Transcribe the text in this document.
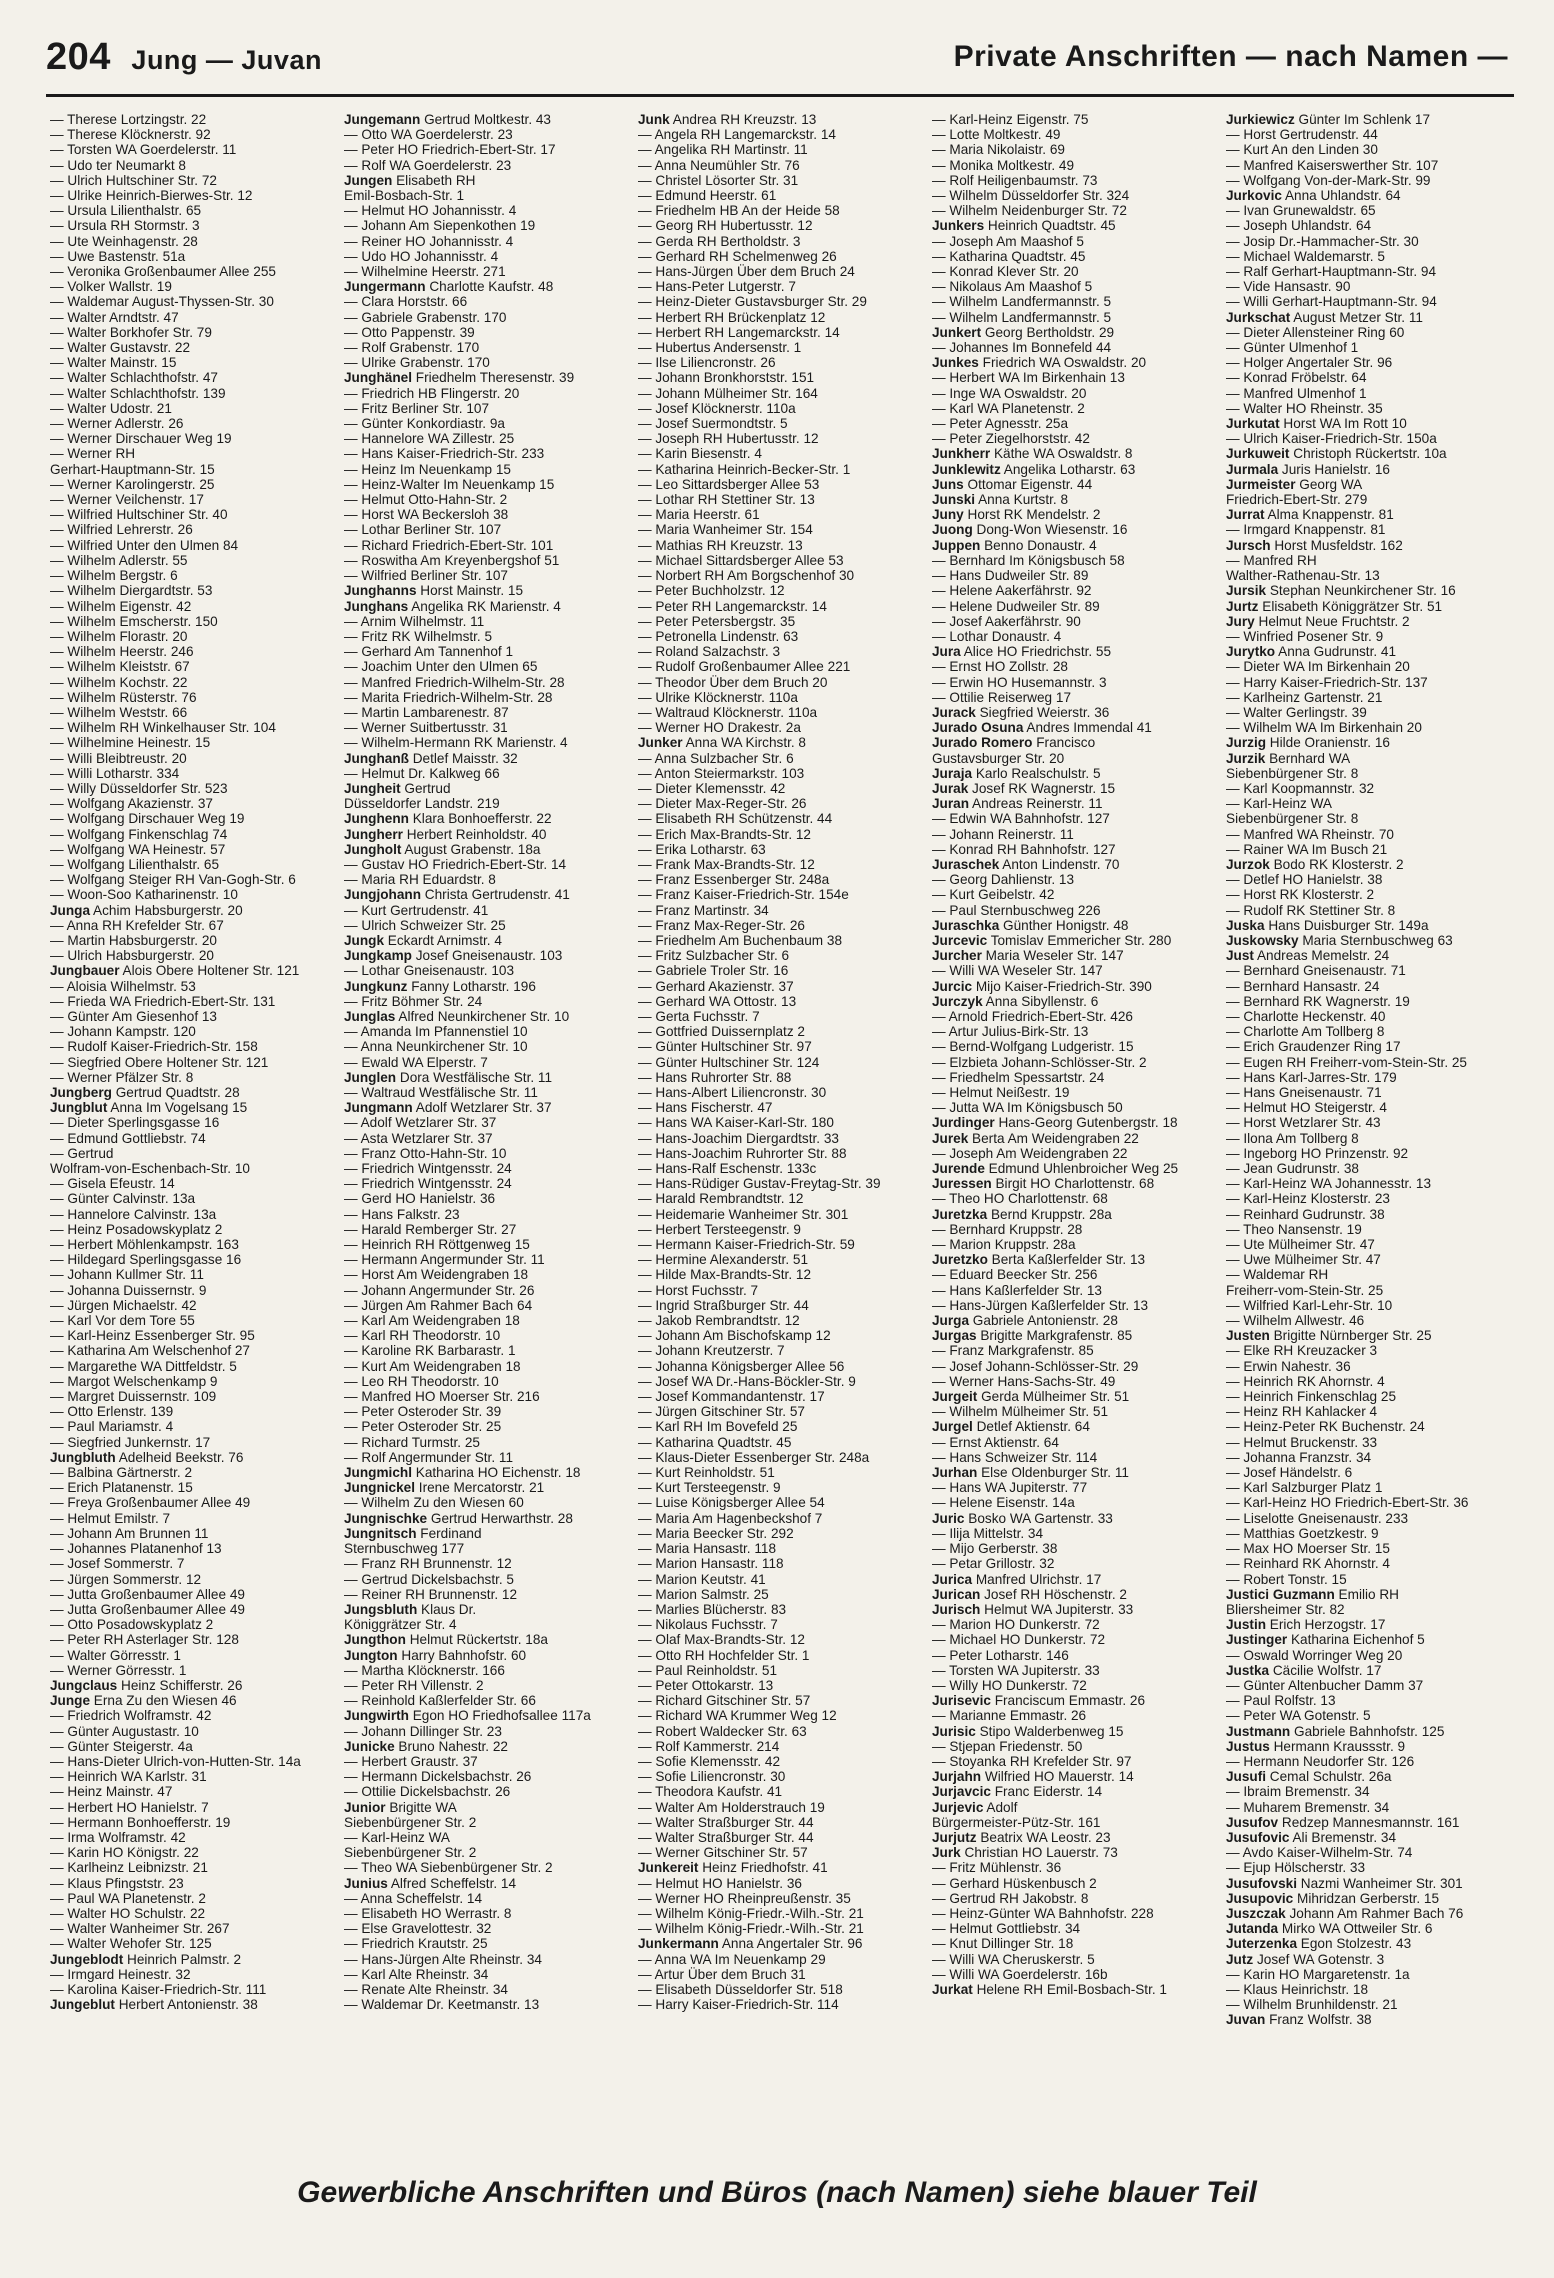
204 Jung — Juvan	Private Anschriften — nach Namen —
— Therese Lortzingstr. 22
— Therese Klöcknerstr. 92
— Torsten WA Goerdelerstr. 11
— Udo ter Neumarkt 8
— Ulrich Hultschiner Str. 72
— Ulrike Heinrich-Bierwes-Str. 12
— Ursula Lilienthalstr. 65
— Ursula RH Stormstr. 3
— Ute Weinhagenstr. 28
— Uwe Bastenstr. 51a
— Veronika Großenbaumer Allee 255
— Volker Wallstr. 19
— Waldemar August-Thyssen-Str. 30
— Walter Arndtstr. 47
— Walter Borkhofer Str. 79
— Walter Gustavstr. 22
— Walter Mainstr. 15
— Walter Schlachthofstr. 47
— Walter Schlachthofstr. 139
— Walter Udostr. 21
— Werner Adlerstr. 26
— Werner Dirschauer Weg 19
— Werner RH
Gerhart-Hauptmann-Str. 15
— Werner Karolingerstr. 25
— Werner Veilchenstr. 17
— Wilfried Hultschiner Str. 40
— Wilfried Lehrerstr. 26
— Wilfried Unter den Ulmen 84
— Wilhelm Adlerstr. 55
— Wilhelm Bergstr. 6
— Wilhelm Diergardtstr. 53
— Wilhelm Eigenstr. 42
— Wilhelm Emscherstr. 150
— Wilhelm Florastr. 20
— Wilhelm Heerstr. 246
— Wilhelm Kleiststr. 67
— Wilhelm Kochstr. 22
— Wilhelm Rüsterstr. 76
— Wilhelm Weststr. 66
— Wilhelm RH Winkelhauser Str. 104
— Wilhelmine Heinestr. 15
— Willi Bleibtreustr. 20
— Willi Lotharstr. 334
— Willy Düsseldorfer Str. 523
— Wolfgang Akazienstr. 37
— Wolfgang Dirschauer Weg 19
— Wolfgang Finkenschlag 74
— Wolfgang WA Heinestr. 57
— Wolfgang Lilienthalstr. 65
— Wolfgang Steiger RH Van-Gogh-Str. 6
— Woon-Soo Katharinenstr. 10
Junga Achim Habsburgerstr. 20
— Anna RH Krefelder Str. 67
— Martin Habsburgerstr. 20
— Ulrich Habsburgerstr. 20
Jungbauer Alois Obere Holtener Str. 121
— Aloisia Wilhelmstr. 53
— Frieda WA Friedrich-Ebert-Str. 131
— Günter Am Giesenhof 13
— Johann Kampstr. 120
— Rudolf Kaiser-Friedrich-Str. 158
— Siegfried Obere Holtener Str. 121
— Werner Pfälzer Str. 8
Jungberg Gertrud Quadtstr. 28
Jungblut Anna Im Vogelsang 15
— Dieter Sperlingsgasse 16
— Edmund Gottliebstr. 74
— Gertrud
Wolfram-von-Eschenbach-Str. 10
— Gisela Efeustr. 14
— Günter Calvinstr. 13a
— Hannelore Calvinstr. 13a
— Heinz Posadowskyplatz 2
— Herbert Möhlenkampstr. 163
— Hildegard Sperlingsgasse 16
— Johann Kullmer Str. 11
— Johanna Duissernstr. 9
— Jürgen Michaelstr. 42
— Karl Vor dem Tore 55
— Karl-Heinz Essenberger Str. 95
— Katharina Am Welschenhof 27
— Margarethe WA Dittfeldstr. 5
— Margot Welschenkamp 9
— Margret Duissernstr. 109
— Otto Erlenstr. 139
— Paul Mariamstr. 4
— Siegfried Junkernstr. 17
Jungbluth Adelheid Beekstr. 76
— Balbina Gärtnerstr. 2
— Erich Platanenstr. 15
— Freya Großenbaumer Allee 49
— Helmut Emilstr. 7
— Johann Am Brunnen 11
— Johannes Platanenhof 13
— Josef Sommerstr. 7
— Jürgen Sommerstr. 12
— Jutta Großenbaumer Allee 49
— Jutta Großenbaumer Allee 49
— Otto Posadowskyplatz 2
— Peter RH Asterlager Str. 128
— Walter Görresstr. 1
— Werner Görresstr. 1
Jungclaus Heinz Schifferstr. 26
Junge Erna Zu den Wiesen 46
— Friedrich Wolframstr. 42
— Günter Augustastr. 10
— Günter Steigerstr. 4a
— Hans-Dieter Ulrich-von-Hutten-Str. 14a
— Heinrich WA Karlstr. 31
— Heinz Mainstr. 47
— Herbert HO Hanielstr. 7
— Hermann Bonhoefferstr. 19
— Irma Wolframstr. 42
— Karin HO Königstr. 22
— Karlheinz Leibnizstr. 21
— Klaus Pfingststr. 23
— Paul WA Planetenstr. 2
— Walter HO Schulstr. 22
— Walter Wanheimer Str. 267
— Walter Wehofer Str. 125
Jungeblodt Heinrich Palmstr. 2
— Irmgard Heinestr. 32
— Karolina Kaiser-Friedrich-Str. 111
Jungeblut Herbert Antonienstr. 38
Jungemann Gertrud Moltkestr. 43
— Otto WA Goerdelerstr. 23
— Peter HO Friedrich-Ebert-Str. 17
— Rolf WA Goerdelerstr. 23
Jungen Elisabeth RH
Emil-Bosbach-Str. 1
— Helmut HO Johannisstr. 4
— Johann Am Siepenkothen 19
— Reiner HO Johannisstr. 4
— Udo HO Johannisstr. 4
— Wilhelmine Heerstr. 271
Jungermann Charlotte Kaufstr. 48
— Clara Horststr. 66
— Gabriele Grabenstr. 170
— Otto Pappenstr. 39
— Rolf Grabenstr. 170
— Ulrike Grabenstr. 170
Junghänel Friedhelm Theresenstr. 39
— Friedrich HB Flingerstr. 20
— Fritz Berliner Str. 107
— Günter Konkordiastr. 9a
— Hannelore WA Zillestr. 25
— Hans Kaiser-Friedrich-Str. 233
— Heinz Im Neuenkamp 15
— Heinz-Walter Im Neuenkamp 15
— Helmut Otto-Hahn-Str. 2
— Horst WA Beckersloh 38
— Lothar Berliner Str. 107
— Richard Friedrich-Ebert-Str. 101
— Roswitha Am Kreyenbergshof 51
— Wilfried Berliner Str. 107
Junghanns Horst Mainstr. 15
Junghans Angelika RK Marienstr. 4
— Arnim Wilhelmstr. 11
— Fritz RK Wilhelmstr. 5
— Gerhard Am Tannenhof 1
— Joachim Unter den Ulmen 65
— Manfred Friedrich-Wilhelm-Str. 28
— Marita Friedrich-Wilhelm-Str. 28
— Martin Lambarenestr. 87
— Werner Suitbertusstr. 31
— Wilhelm-Hermann RK Marienstr. 4
Junghanß Detlef Maisstr. 32
— Helmut Dr. Kalkweg 66
Jungheit Gertrud
Düsseldorfer Landstr. 219
Junghenn Klara Bonhoefferstr. 22
Jungherr Herbert Reinholdstr. 40
Jungholt August Grabenstr. 18a
— Gustav HO Friedrich-Ebert-Str. 14
— Maria RH Eduardstr. 8
Jungjohann Christa Gertrudenstr. 41
— Kurt Gertrudenstr. 41
— Ulrich Schweizer Str. 25
Jungk Eckardt Arnimstr. 4
Jungkamp Josef Gneisenaustr. 103
— Lothar Gneisenaustr. 103
Jungkunz Fanny Lotharstr. 196
— Fritz Böhmer Str. 24
Junglas Alfred Neunkirchener Str. 10
— Amanda Im Pfannenstiel 10
— Anna Neunkirchener Str. 10
— Ewald WA Elperstr. 7
Junglen Dora Westfälische Str. 11
— Waltraud Westfälische Str. 11
Jungmann Adolf Wetzlarer Str. 37
— Adolf Wetzlarer Str. 37
— Asta Wetzlarer Str. 37
— Franz Otto-Hahn-Str. 10
— Friedrich Wintgensstr. 24
— Friedrich Wintgensstr. 24
— Gerd HO Hanielstr. 36
— Hans Falkstr. 23
— Harald Remberger Str. 27
— Heinrich RH Röttgenweg 15
— Hermann Angermunder Str. 11
— Horst Am Weidengraben 18
— Johann Angermunder Str. 26
— Jürgen Am Rahmer Bach 64
— Karl Am Weidengraben 18
— Karl RH Theodorstr. 10
— Karoline RK Barbarastr. 1
— Kurt Am Weidengraben 18
— Leo RH Theodorstr. 10
— Manfred HO Moerser Str. 216
— Peter Osteroder Str. 39
— Peter Osteroder Str. 25
— Richard Turmstr. 25
— Rolf Angermunder Str. 11
Jungmichl Katharina HO Eichenstr. 18
Jungnickel Irene Mercatorstr. 21
— Wilhelm Zu den Wiesen 60
Jungnischke Gertrud Herwarthstr. 28
Jungnitsch Ferdinand
Sternbuschweg 177
— Franz RH Brunnenstr. 12
— Gertrud Dickelsbachstr. 5
— Reiner RH Brunnenstr. 12
Jungsbluth Klaus Dr.
Königgrätzer Str. 4
Jungthon Helmut Rückertstr. 18a
Jungton Harry Bahnhofstr. 60
— Martha Klöcknerstr. 166
— Peter RH Villenstr. 2
— Reinhold Kaßlerfelder Str. 66
Jungwirth Egon HO Friedhofsallee 117a
— Johann Dillinger Str. 23
Junicke Bruno Nahestr. 22
— Herbert Graustr. 37
— Hermann Dickelsbachstr. 26
— Ottilie Dickelsbachstr. 26
Junior Brigitte WA
Siebenbürgener Str. 2
— Karl-Heinz WA
Siebenbürgener Str. 2
— Theo WA Siebenbürgener Str. 2
Junius Alfred Scheffelstr. 14
— Anna Scheffelstr. 14
— Elisabeth HO Werrastr. 8
— Else Gravelottestr. 32
— Friedrich Krautstr. 25
— Hans-Jürgen Alte Rheinstr. 34
— Karl Alte Rheinstr. 34
— Renate Alte Rheinstr. 34
— Waldemar Dr. Keetmanstr. 13
Junk Andrea RH Kreuzstr. 13
— Angela RH Langemarckstr. 14
— Angelika RH Martinstr. 11
— Anna Neumühler Str. 76
— Christel Lösorter Str. 31
— Edmund Heerstr. 61
— Friedhelm HB An der Heide 58
— Georg RH Hubertusstr. 12
— Gerda RH Bertholdstr. 3
— Gerhard RH Schelmenweg 26
— Hans-Jürgen Über dem Bruch 24
— Hans-Peter Lutgerstr. 7
— Heinz-Dieter Gustavsburger Str. 29
— Herbert RH Brückenplatz 12
— Herbert RH Langemarckstr. 14
— Hubertus Andersenstr. 1
— Ilse Liliencronstr. 26
— Johann Bronkhorststr. 151
— Johann Mülheimer Str. 164
— Josef Klöcknerstr. 110a
— Josef Suermondtstr. 5
— Joseph RH Hubertusstr. 12
— Karin Biesenstr. 4
— Katharina Heinrich-Becker-Str. 1
— Leo Sittardsberger Allee 53
— Lothar RH Stettiner Str. 13
— Maria Heerstr. 61
— Maria Wanheimer Str. 154
— Mathias RH Kreuzstr. 13
— Michael Sittardsberger Allee 53
— Norbert RH Am Borgschenhof 30
— Peter Buchholzstr. 12
— Peter RH Langemarckstr. 14
— Peter Petersbergstr. 35
— Petronella Lindenstr. 63
— Roland Salzachstr. 3
— Rudolf Großenbaumer Allee 221
— Theodor Über dem Bruch 20
— Ulrike Klöcknerstr. 110a
— Waltraud Klöcknerstr. 110a
— Werner HO Drakestr. 2a
Junker Anna WA Kirchstr. 8
— Anna Sulzbacher Str. 6
— Anton Steiermarkstr. 103
— Dieter Klemensstr. 42
— Dieter Max-Reger-Str. 26
— Elisabeth RH Schützenstr. 44
— Erich Max-Brandts-Str. 12
— Erika Lotharstr. 63
— Frank Max-Brandts-Str. 12
— Franz Essenberger Str. 248a
— Franz Kaiser-Friedrich-Str. 154e
— Franz Martinstr. 34
— Franz Max-Reger-Str. 26
— Friedhelm Am Buchenbaum 38
— Fritz Sulzbacher Str. 6
— Gabriele Troler Str. 16
— Gerhard Akazienstr. 37
— Gerhard WA Ottostr. 13
— Gerta Fuchsstr. 7
— Gottfried Duissernplatz 2
— Günter Hultschiner Str. 97
— Günter Hultschiner Str. 124
— Hans Ruhrorter Str. 88
— Hans-Albert Liliencronstr. 30
— Hans Fischerstr. 47
— Hans WA Kaiser-Karl-Str. 180
— Hans-Joachim Diergardtstr. 33
— Hans-Joachim Ruhrorter Str. 88
— Hans-Ralf Eschenstr. 133c
— Hans-Rüdiger Gustav-Freytag-Str. 39
— Harald Rembrandtstr. 12
— Heidemarie Wanheimer Str. 301
— Herbert Tersteegenstr. 9
— Hermann Kaiser-Friedrich-Str. 59
— Hermine Alexanderstr. 51
— Hilde Max-Brandts-Str. 12
— Horst Fuchsstr. 7
— Ingrid Straßburger Str. 44
— Jakob Rembrandtstr. 12
— Johann Am Bischofskamp 12
— Johann Kreutzerstr. 7
— Johanna Königsberger Allee 56
— Josef WA Dr.-Hans-Böckler-Str. 9
— Josef Kommandantenstr. 17
— Jürgen Gitschiner Str. 57
— Karl RH Im Bovefeld 25
— Katharina Quadtstr. 45
— Klaus-Dieter Essenberger Str. 248a
— Kurt Reinholdstr. 51
— Kurt Tersteegenstr. 9
— Luise Königsberger Allee 54
— Maria Am Hagenbeckshof 7
— Maria Beecker Str. 292
— Maria Hansastr. 118
— Marion Hansastr. 118
— Marion Keutstr. 41
— Marion Salmstr. 25
— Marlies Blücherstr. 83
— Nikolaus Fuchsstr. 7
— Olaf Max-Brandts-Str. 12
— Otto RH Hochfelder Str. 1
— Paul Reinholdstr. 51
— Peter Ottokarstr. 13
— Richard Gitschiner Str. 57
— Richard WA Krummer Weg 12
— Robert Waldecker Str. 63
— Rolf Kammerstr. 214
— Sofie Klemensstr. 42
— Sofie Liliencronstr. 30
— Theodora Kaufstr. 41
— Walter Am Holderstrauch 19
— Walter Straßburger Str. 44
— Walter Straßburger Str. 44
— Werner Gitschiner Str. 57
Junkereit Heinz Friedhofstr. 41
— Helmut HO Hanielstr. 36
— Werner HO Rheinpreußenstr. 35
— Wilhelm König-Friedr.-Wilh.-Str. 21
— Wilhelm König-Friedr.-Wilh.-Str. 21
Junkermann Anna Angertaler Str. 96
— Anna WA Im Neuenkamp 29
— Artur Über dem Bruch 31
— Elisabeth Düsseldorfer Str. 518
— Harry Kaiser-Friedrich-Str. 114
— Karl-Heinz Eigenstr. 75
— Lotte Moltkestr. 49
— Maria Nikolaistr. 69
— Monika Moltkestr. 49
— Rolf Heiligenbaumstr. 73
— Wilhelm Düsseldorfer Str. 324
— Wilhelm Neidenburger Str. 72
Junkers Heinrich Quadtstr. 45
— Joseph Am Maashof 5
— Katharina Quadtstr. 45
— Konrad Klever Str. 20
— Nikolaus Am Maashof 5
— Wilhelm Landfermannstr. 5
— Wilhelm Landfermannstr. 5
Junkert Georg Bertholdstr. 29
— Johannes Im Bonnefeld 44
Junkes Friedrich WA Oswaldstr. 20
— Herbert WA Im Birkenhain 13
— Inge WA Oswaldstr. 20
— Karl WA Planetenstr. 2
— Peter Agnesstr. 25a
— Peter Ziegelhorststr. 42
Junkherr Käthe WA Oswaldstr. 8
Junklewitz Angelika Lotharstr. 63
Juns Ottomar Eigenstr. 44
Junski Anna Kurtstr. 8
Juny Horst RK Mendelstr. 2
Juong Dong-Won Wiesenstr. 16
Juppen Benno Donaustr. 4
— Bernhard Im Königsbusch 58
— Hans Dudweiler Str. 89
— Helene Aakerfährstr. 92
— Helene Dudweiler Str. 89
— Josef Aakerfährstr. 90
— Lothar Donaustr. 4
Jura Alice HO Friedrichstr. 55
— Ernst HO Zollstr. 28
— Erwin HO Husemannstr. 3
— Ottilie Reiserweg 17
Jurack Siegfried Weierstr. 36
Jurado Osuna Andres Immendal 41
Jurado Romero Francisco
Gustavsburger Str. 20
Juraja Karlo Realschulstr. 5
Jurak Josef RK Wagnerstr. 15
Juran Andreas Reinerstr. 11
— Edwin WA Bahnhofstr. 127
— Johann Reinerstr. 11
— Konrad RH Bahnhofstr. 127
Juraschek Anton Lindenstr. 70
— Georg Dahlienstr. 13
— Kurt Geibelstr. 42
— Paul Sternbuschweg 226
Juraschka Günther Honigstr. 48
Jurcevic Tomislav Emmericher Str. 280
Jurcher Maria Weseler Str. 147
— Willi WA Weseler Str. 147
Jurcic Mijo Kaiser-Friedrich-Str. 390
Jurczyk Anna Sibyllenstr. 6
— Arnold Friedrich-Ebert-Str. 426
— Artur Julius-Birk-Str. 13
— Bernd-Wolfgang Ludgeristr. 15
— Elzbieta Johann-Schlösser-Str. 2
— Friedhelm Spessartstr. 24
— Helmut Neißestr. 19
— Jutta WA Im Königsbusch 50
Jurdinger Hans-Georg Gutenbergstr. 18
Jurek Berta Am Weidengraben 22
— Joseph Am Weidengraben 22
Jurende Edmund Uhlenbroicher Weg 25
Juressen Birgit HO Charlottenstr. 68
— Theo HO Charlottenstr. 68
Juretzka Bernd Kruppstr. 28a
— Bernhard Kruppstr. 28
— Marion Kruppstr. 28a
Juretzko Berta Kaßlerfelder Str. 13
— Eduard Beecker Str. 256
— Hans Kaßlerfelder Str. 13
— Hans-Jürgen Kaßlerfelder Str. 13
Jurga Gabriele Antonienstr. 28
Jurgas Brigitte Markgrafenstr. 85
— Franz Markgrafenstr. 85
— Josef Johann-Schlösser-Str. 29
— Werner Hans-Sachs-Str. 49
Jurgeit Gerda Mülheimer Str. 51
— Wilhelm Mülheimer Str. 51
Jurgel Detlef Aktienstr. 64
— Ernst Aktienstr. 64
— Hans Schweizer Str. 114
Jurhan Else Oldenburger Str. 11
— Hans WA Jupiterstr. 77
— Helene Eisenstr. 14a
Juric Bosko WA Gartenstr. 33
— Ilija Mittelstr. 34
— Mijo Gerberstr. 38
— Petar Grillostr. 32
Jurica Manfred Ulrichstr. 17
Jurican Josef RH Höschenstr. 2
Jurisch Helmut WA Jupiterstr. 33
— Marion HO Dunkerstr. 72
— Michael HO Dunkerstr. 72
— Peter Lotharstr. 146
— Torsten WA Jupiterstr. 33
— Willy HO Dunkerstr. 72
Jurisevic Franciscum Emmastr. 26
— Marianne Emmastr. 26
Jurisic Stipo Walderbenweg 15
— Stjepan Friedenstr. 50
— Stoyanka RH Krefelder Str. 97
Jurjahn Wilfried HO Mauerstr. 14
Jurjavcic Franc Eiderstr. 14
Jurjevic Adolf
Bürgermeister-Pütz-Str. 161
Jurjutz Beatrix WA Leostr. 23
Jurk Christian HO Lauerstr. 73
— Fritz Mühlenstr. 36
— Gerhard Hüskenbusch 2
— Gertrud RH Jakobstr. 8
— Heinz-Günter WA Bahnhofstr. 228
— Helmut Gottliebstr. 34
— Knut Dillinger Str. 18
— Willi WA Cheruskerstr. 5
— Willi WA Goerdelerstr. 16b
Jurkat Helene RH Emil-Bosbach-Str. 1
Jurkiewicz Günter Im Schlenk 17
— Horst Gertrudenstr. 44
— Kurt An den Linden 30
— Manfred Kaiserswerther Str. 107
— Wolfgang Von-der-Mark-Str. 99
Jurkovic Anna Uhlandstr. 64
— Ivan Grunewaldstr. 65
— Joseph Uhlandstr. 64
— Josip Dr.-Hammacher-Str. 30
— Michael Waldemarstr. 5
— Ralf Gerhart-Hauptmann-Str. 94
— Vide Hansastr. 90
— Willi Gerhart-Hauptmann-Str. 94
Jurkschat August Metzer Str. 11
— Dieter Allensteiner Ring 60
— Günter Ulmenhof 1
— Holger Angertaler Str. 96
— Konrad Fröbelstr. 64
— Manfred Ulmenhof 1
— Walter HO Rheinstr. 35
Jurkutat Horst WA Im Rott 10
— Ulrich Kaiser-Friedrich-Str. 150a
Jurkuweit Christoph Rückertstr. 10a
Jurmala Juris Hanielstr. 16
Jurmeister Georg WA
Friedrich-Ebert-Str. 279
Jurrat Alma Knappenstr. 81
— Irmgard Knappenstr. 81
Jursch Horst Musfeldstr. 162
— Manfred RH
Walther-Rathenau-Str. 13
Jursik Stephan Neunkirchener Str. 16
Jurtz Elisabeth Königgrätzer Str. 51
Jury Helmut Neue Fruchtstr. 2
— Winfried Posener Str. 9
Jurytko Anna Gudrunstr. 41
— Dieter WA Im Birkenhain 20
— Harry Kaiser-Friedrich-Str. 137
— Karlheinz Gartenstr. 21
— Walter Gerlingstr. 39
— Wilhelm WA Im Birkenhain 20
Jurzig Hilde Oranienstr. 16
Jurzik Bernhard WA
Siebenbürgener Str. 8
— Karl Koopmannstr. 32
— Karl-Heinz WA
Siebenbürgener Str. 8
— Manfred WA Rheinstr. 70
— Rainer WA Im Busch 21
Jurzok Bodo RK Klosterstr. 2
— Detlef HO Hanielstr. 38
— Horst RK Klosterstr. 2
— Rudolf RK Stettiner Str. 8
Juska Hans Duisburger Str. 149a
Juskowsky Maria Sternbuschweg 63
Just Andreas Memelstr. 24
— Bernhard Gneisenaustr. 71
— Bernhard Hansastr. 24
— Bernhard RK Wagnerstr. 19
— Charlotte Heckenstr. 40
— Charlotte Am Tollberg 8
— Erich Graudenzer Ring 17
— Eugen RH Freiherr-vom-Stein-Str. 25
— Hans Karl-Jarres-Str. 179
— Hans Gneisenaustr. 71
— Helmut HO Steigerstr. 4
— Horst Wetzlarer Str. 43
— Ilona Am Tollberg 8
— Ingeborg HO Prinzenstr. 92
— Jean Gudrunstr. 38
— Karl-Heinz WA Johannesstr. 13
— Karl-Heinz Klosterstr. 23
— Reinhard Gudrunstr. 38
— Theo Nansenstr. 19
— Ute Mülheimer Str. 47
— Uwe Mülheimer Str. 47
— Waldemar RH
Freiherr-vom-Stein-Str. 25
— Wilfried Karl-Lehr-Str. 10
— Wilhelm Allwestr. 46
Justen Brigitte Nürnberger Str. 25
— Elke RH Kreuzacker 3
— Erwin Nahestr. 36
— Heinrich RK Ahornstr. 4
— Heinrich Finkenschlag 25
— Heinz RH Kahlacker 4
— Heinz-Peter RK Buchenstr. 24
— Helmut Bruckenstr. 33
— Johanna Franzstr. 34
— Josef Händelstr. 6
— Karl Salzburger Platz 1
— Karl-Heinz HO Friedrich-Ebert-Str. 36
— Liselotte Gneisenaustr. 233
— Matthias Goetzkestr. 9
— Max HO Moerser Str. 15
— Reinhard RK Ahornstr. 4
— Robert Tonstr. 15
Justici Guzmann Emilio RH
Bliersheimer Str. 82
Justin Erich Herzogstr. 17
Justinger Katharina Eichenhof 5
— Oswald Worringer Weg 20
Justka Cäcilie Wolfstr. 17
— Günter Altenbucher Damm 37
— Paul Rolfstr. 13
— Peter WA Gotenstr. 5
Justmann Gabriele Bahnhofstr. 125
Justus Hermann Kraussstr. 9
— Hermann Neudorfer Str. 126
Jusufi Cemal Schulstr. 26a
— Ibraim Bremenstr. 34
— Muharem Bremenstr. 34
Jusufov Redzep Mannesmannstr. 161
Jusufovic Ali Bremenstr. 34
— Avdo Kaiser-Wilhelm-Str. 74
— Ejup Hölscherstr. 33
Jusufovski Nazmi Wanheimer Str. 301
Jusupovic Mihridzan Gerberstr. 15
Juszczak Johann Am Rahmer Bach 76
Jutanda Mirko WA Ottweiler Str. 6
Juterzenka Egon Stolzestr. 43
Jutz Josef WA Gotenstr. 3
— Karin HO Margaretenstr. 1a
— Klaus Heinrichstr. 18
— Wilhelm Brunhildenstr. 21
Juvan Franz Wolfstr. 38
Gewerbliche Anschriften und Büros (nach Namen) siehe blauer Teil
